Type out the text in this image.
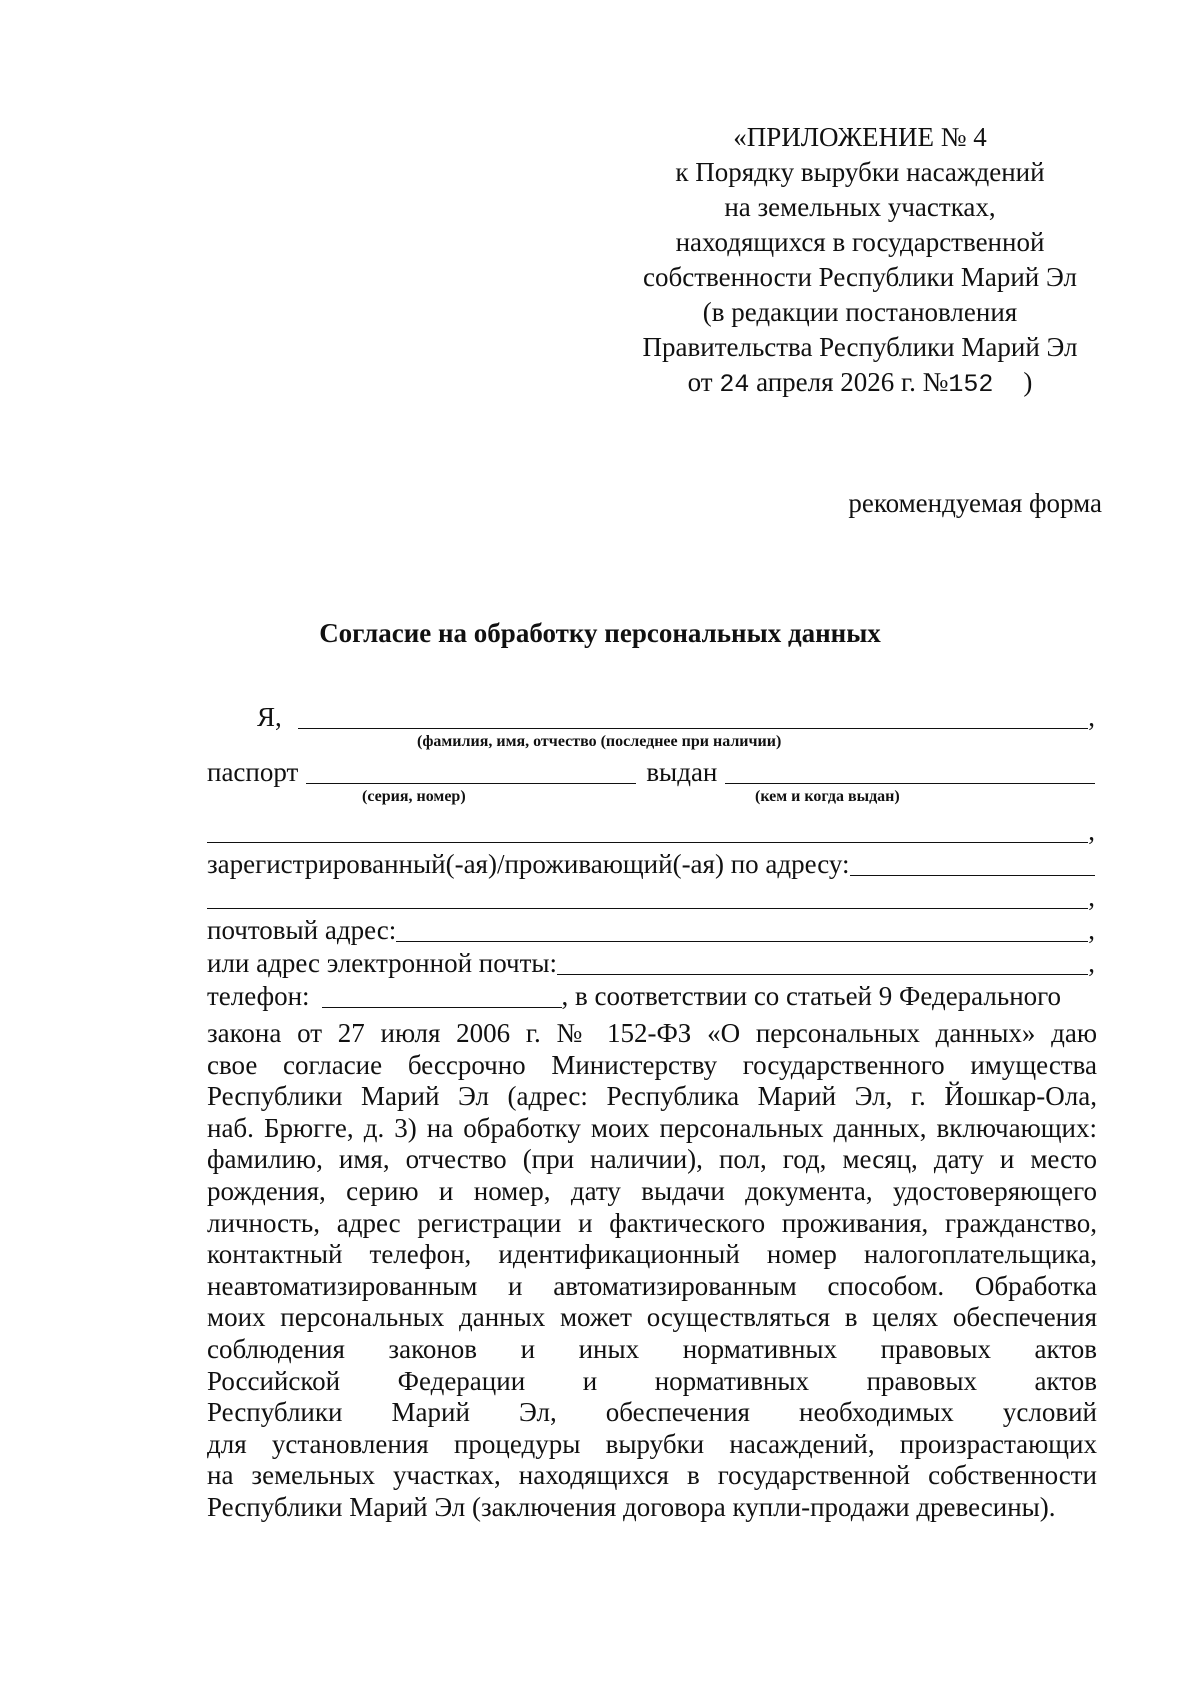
«ПРИЛОЖЕНИЕ № 4
к Порядку вырубки насаждений
на земельных участках,
находящихся в государственной
собственности Республики Марий Эл
(в редакции постановления
Правительства Республики Марий Эл
от 24 апреля 2026 г. №152 )
рекомендуемая форма
Согласие на обработку персональных данных
Я,	,
(фамилия, имя, отчество (последнее при наличии)
паспорт	выдан
(серия, номер)	(кем и когда выдан)
,
зарегистрированный(-ая)/проживающий(-ая) по адресу:
,
почтовый адрес:	,
или адрес электронной почты:	,
телефон:	, в соответствии со статьей 9 Федерального
закона от 27 июля 2006 г. № 152-ФЗ «О персональных данных» даю
свое согласие бессрочно Министерству государственного имущества
Республики Марий Эл (адрес: Республика Марий Эл, г. Йошкар-Ола,
наб. Брюгге, д. 3) на обработку моих персональных данных, включающих:
фамилию, имя, отчество (при наличии), пол, год, месяц, дату и место
рождения, серию и номер, дату выдачи документа, удостоверяющего
личность, адрес регистрации и фактического проживания, гражданство,
контактный телефон, идентификационный номер налогоплательщика,
неавтоматизированным и автоматизированным способом. Обработка
моих персональных данных может осуществляться в целях обеспечения
соблюдения законов и иных нормативных правовых актов
Российской Федерации и нормативных правовых актов
Республики Марий Эл, обеспечения необходимых условий
для установления процедуры вырубки насаждений, произрастающих
на земельных участках, находящихся в государственной собственности
Республики Марий Эл (заключения договора купли-продажи древесины).
